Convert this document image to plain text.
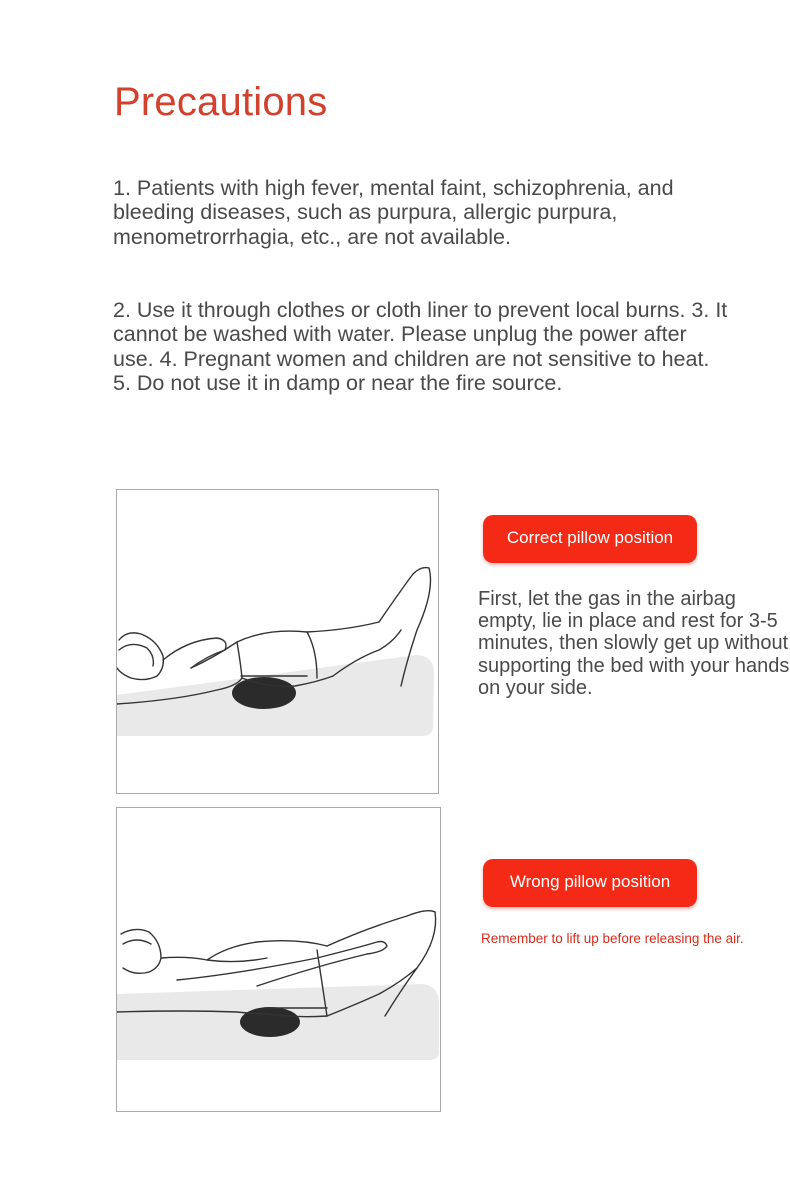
Precautions

1. Patients with high fever, mental faint, schizophrenia, and bleeding diseases, such as purpura, allergic purpura, menometrorrhagia, etc., are not available.

2. Use it through clothes or cloth liner to prevent local burns. 3. It cannot be washed with water. Please unplug the power after use. 4. Pregnant women and children are not sensitive to heat. 5. Do not use it in damp or near the fire source.

Correct pillow position

First, let the gas in the airbag empty, lie in place and rest for 3-5 minutes, then slowly get up without supporting the bed with your hands on your side.

Wrong pillow position

Remember to lift up before releasing the air.
